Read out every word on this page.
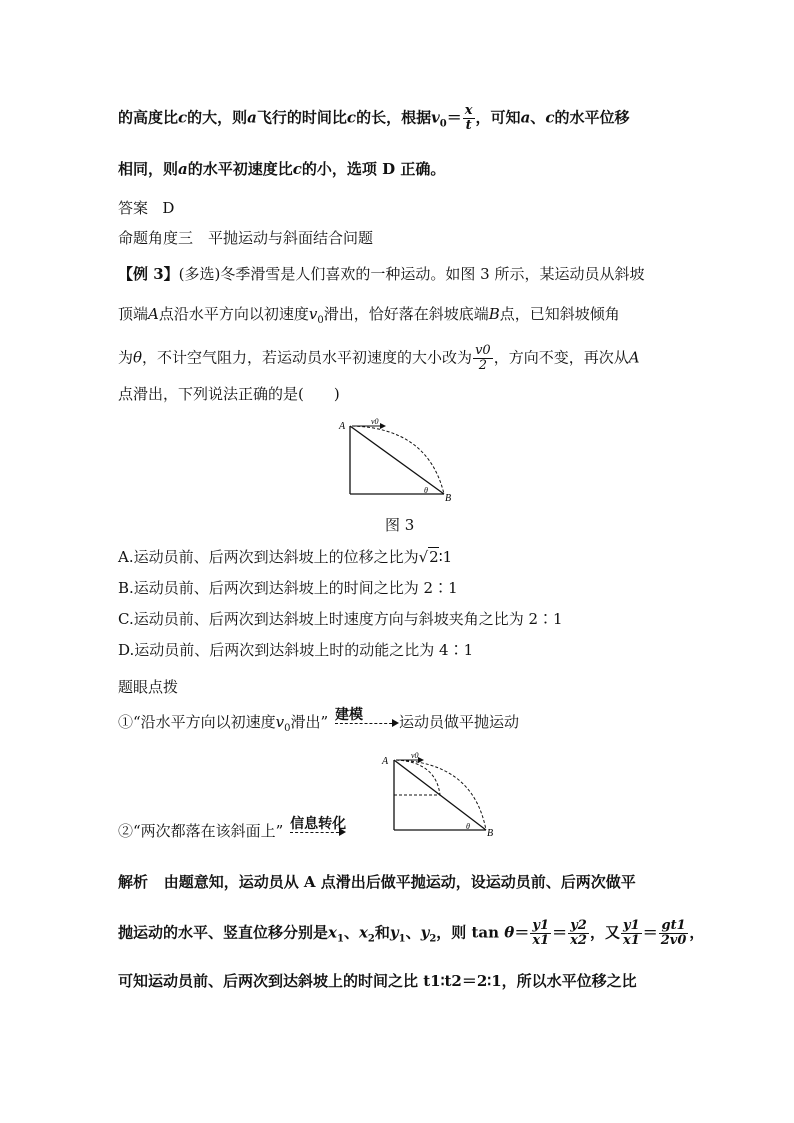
的高度比c的大，则a飞行的时间比c的长，根据$v_0= \frac{x}{t}$ ，可知a、c的水平位移
相同，则a的水平初速度比c的小，选项 D 正确。
答案 D
命题角度三　平抛运动与斜面结合问题
【例 3】(多选)冬季滑雪是人们喜欢的一种运动。如图 3 所示，某运动员从斜坡
顶端A点沿水平方向以初速度$v_0$滑出，恰好落在斜坡底端B点，已知斜坡倾角
为θ，不计空气阻力，若运动员水平初速度的大小改为 $\frac{v0}{2}$ ，方向不变，再次从A
点滑出，下列说法正确的是(　　)
A	v0
B
θ
图 3
A.运动员前、后两次到达斜坡上的位移之比为√2∶1
B.运动员前、后两次到达斜坡上的时间之比为 2∶1
C.运动员前、后两次到达斜坡上时速度方向与斜坡夹角之比为 2∶1
D.运动员前、后两次到达斜坡上时的动能之比为 4∶1
题眼点拨
①“沿水平方向以初速度$v_0$滑出” 建模 运动员做平抛运动
A
v0
B
θ
②“两次都落在该斜面上” 信息转化
解析 由题意知，运动员从 A 点滑出后做平抛运动，设运动员前、后两次做平
抛运动的水平、竖直位移分别是$x_1$、$x_2$和$y_1$、$y_2$，则 $\tan \theta= \frac{y1}{x1} = \frac{y2}{x2}$ ，又 $\frac{y1}{x1} = \frac{gt1}{2v0}$ ，
可知运动员前、后两次到达斜坡上的时间之比 t1∶t2＝2∶1，所以水平位移之比
